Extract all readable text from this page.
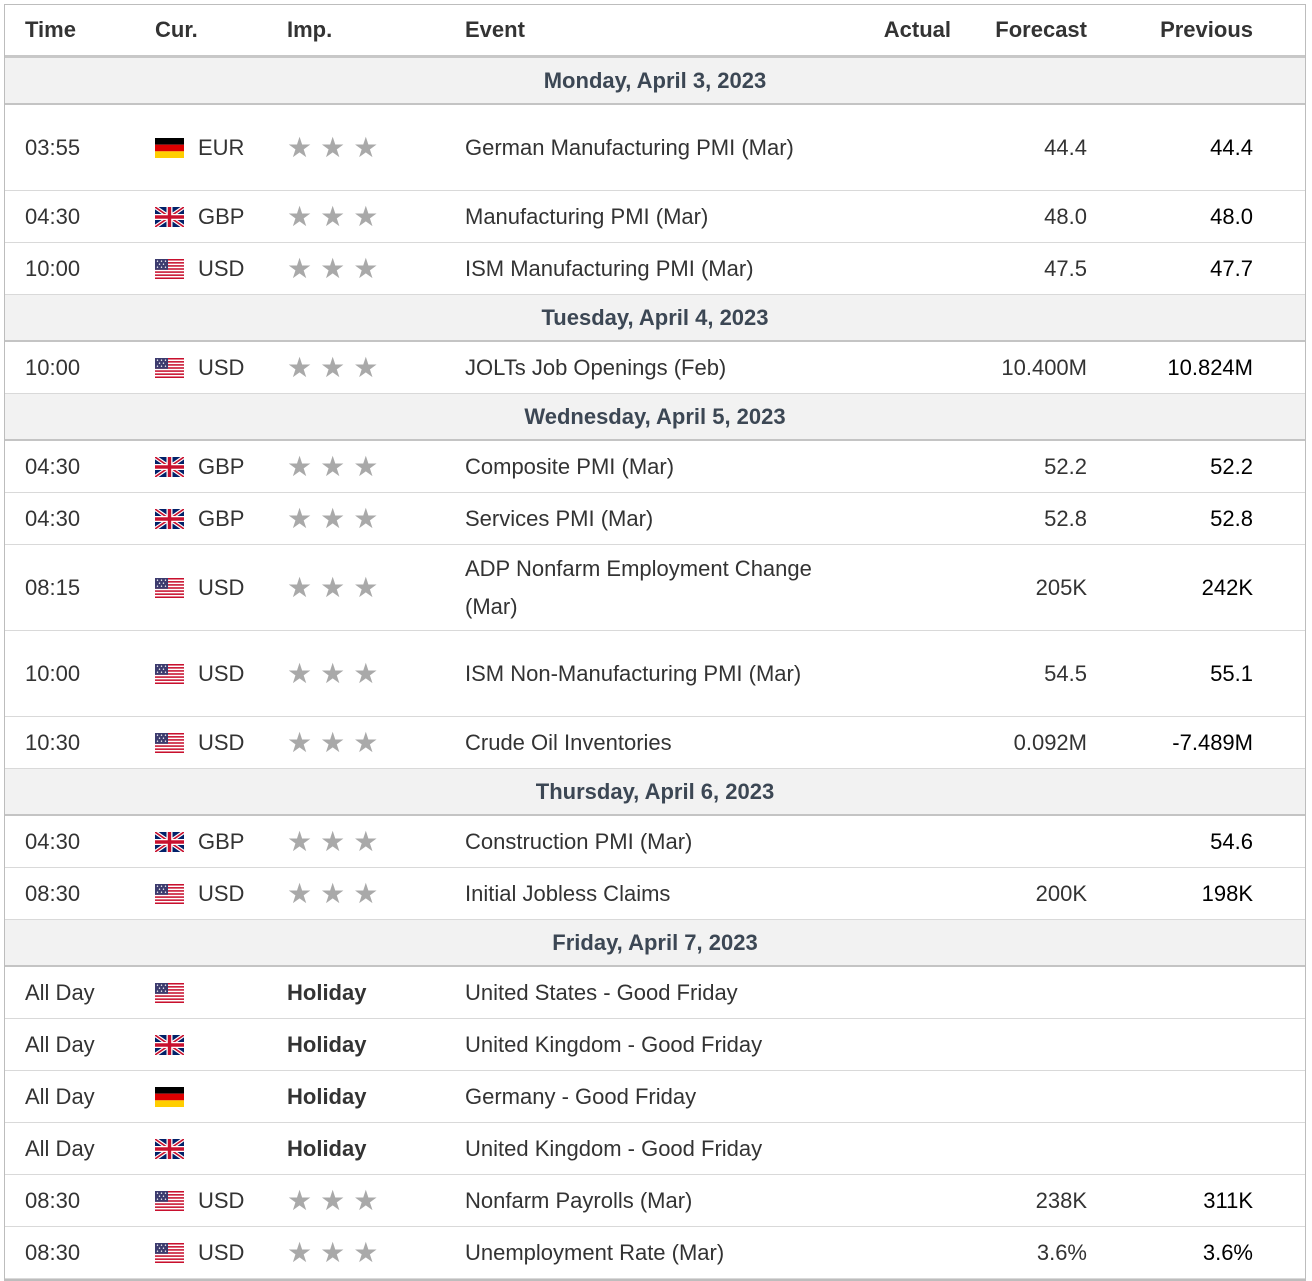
Time	Cur.	Imp.	Event	Actual	Forecast	Previous	
Monday, April 3, 2023							
03:55	EUR	★ ★ ★	German Manufacturing PMI (Mar)		44.4	44.4	
04:30	GBP	★ ★ ★	Manufacturing PMI (Mar)		48.0	48.0	
10:00	USD	★ ★ ★	ISM Manufacturing PMI (Mar)		47.5	47.7	
Tuesday, April 4, 2023							
10:00	USD	★ ★ ★	JOLTs Job Openings (Feb)		10.400M	10.824M	
Wednesday, April 5, 2023							
04:30	GBP	★ ★ ★	Composite PMI (Mar)		52.2	52.2	
04:30	GBP	★ ★ ★	Services PMI (Mar)		52.8	52.8	
08:15	USD	★ ★ ★	ADP Nonfarm Employment Change (Mar)		205K	242K	
10:00	USD	★ ★ ★	ISM Non-Manufacturing PMI (Mar)		54.5	55.1	
10:30	USD	★ ★ ★	Crude Oil Inventories		0.092M	-7.489M	
Thursday, April 6, 2023							
04:30	GBP	★ ★ ★	Construction PMI (Mar)			54.6	
08:30	USD	★ ★ ★	Initial Jobless Claims		200K	198K	
Friday, April 7, 2023							
All Day		Holiday	United States - Good Friday				
All Day		Holiday	United Kingdom - Good Friday				
All Day		Holiday	Germany - Good Friday				
All Day		Holiday	United Kingdom - Good Friday				
08:30	USD	★ ★ ★	Nonfarm Payrolls (Mar)		238K	311K	
08:30	USD	★ ★ ★	Unemployment Rate (Mar)		3.6%	3.6%	
